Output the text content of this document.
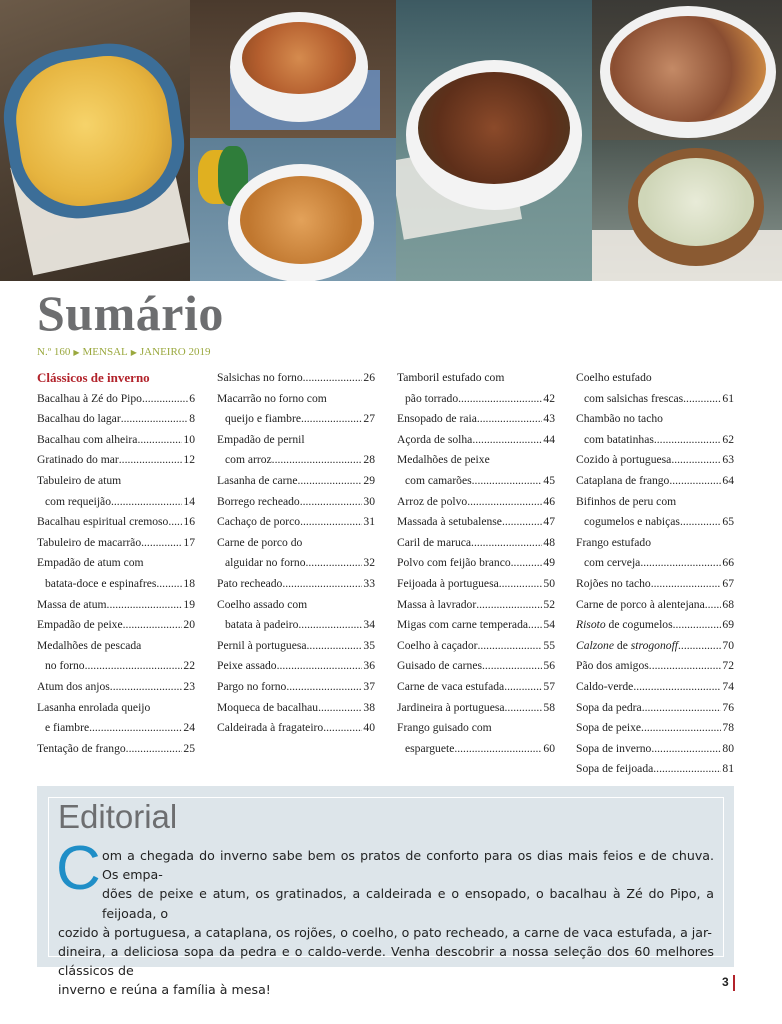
Sumário
N.º 160 ▶ MENSAL ▶ JANEIRO 2019
Clássicos de inverno
Bacalhau à Zé do Pipo .....	6
Bacalhau do lagar .....	8
Bacalhau com alheira .....	10
Gratinado do mar .....	12
Tabuleiro de atum
com requeijão .....	14
Bacalhau espiritual cremoso ..... 16
Tabuleiro de macarrão .....	17
Empadão de atum com
batata-doce e espinafres ..... 18
Massa de atum .....	19
Empadão de peixe .....	20
Medalhões de pescada
no forno .....	22
Atum dos anjos .....	23
Lasanha enrolada queijo
e fiambre .....	24
Tentação de frango .....	25
Salsichas no forno .....	26
Macarrão no forno com
queijo e fiambre .....	27
Empadão de pernil
com arroz .....	28
Lasanha de carne .....	29
Borrego recheado .....	30
Cachaço de porco .....	31
Carne de porco do
alguidar no forno .....	32
Pato recheado .....	33
Coelho assado com
batata à padeiro .....	34
Pernil à portuguesa .....	35
Peixe assado .....	36
Pargo no forno .....	37
Moqueca de bacalhau .....	38
Caldeirada à fragateiro .....	40
Tamboril estufado com
pão torrado .....	42
Ensopado de raia .....	43
Açorda de solha .....	44
Medalhões de peixe
com camarões .....	45
Arroz de polvo .....	46
Massada à setubalense .....	47
Caril de maruca .....	48
Polvo com feijão branco .....	49
Feijoada à portuguesa .....	50
Massa à lavrador .....	52
Migas com carne temperada ..... 54
Coelho à caçador .....	55
Guisado de carnes .....	56
Carne de vaca estufada .....	57
Jardineira à portuguesa .....	58
Frango guisado com
esparguete .....	60
Coelho estufado
com salsichas frescas .....	61
Chambão no tacho
com batatinhas .....	62
Cozido à portuguesa .....	63
Cataplana de frango .....	64
Bifinhos de peru com
cogumelos e nabiças .....	65
Frango estufado
com cerveja .....	66
Rojões no tacho .....	67
Carne de porco à alentejana ..... 68
Risoto de cogumelos .....	69
Calzone de strogonoff .....	70
Pão dos amigos .....	72
Caldo-verde .....	74
Sopa da pedra .....	76
Sopa de peixe .....	78
Sopa de inverno .....	80
Sopa de feijoada .....	81
Editorial
C om a chegada do inverno sabe bem os pratos de conforto para os dias mais feios e de chuva. Os empa-
dões de peixe e atum, os gratinados, a caldeirada e o ensopado, o bacalhau à Zé do Pipo, a feijoada, o
cozido à portuguesa, a cataplana, os rojões, o coelho, o pato recheado, a carne de vaca estufada, a jar-
dineira, a deliciosa sopa da pedra e o caldo-verde. Venha descobrir a nossa seleção dos 60 melhores clássicos de
inverno e reúna a família à mesa!
3
